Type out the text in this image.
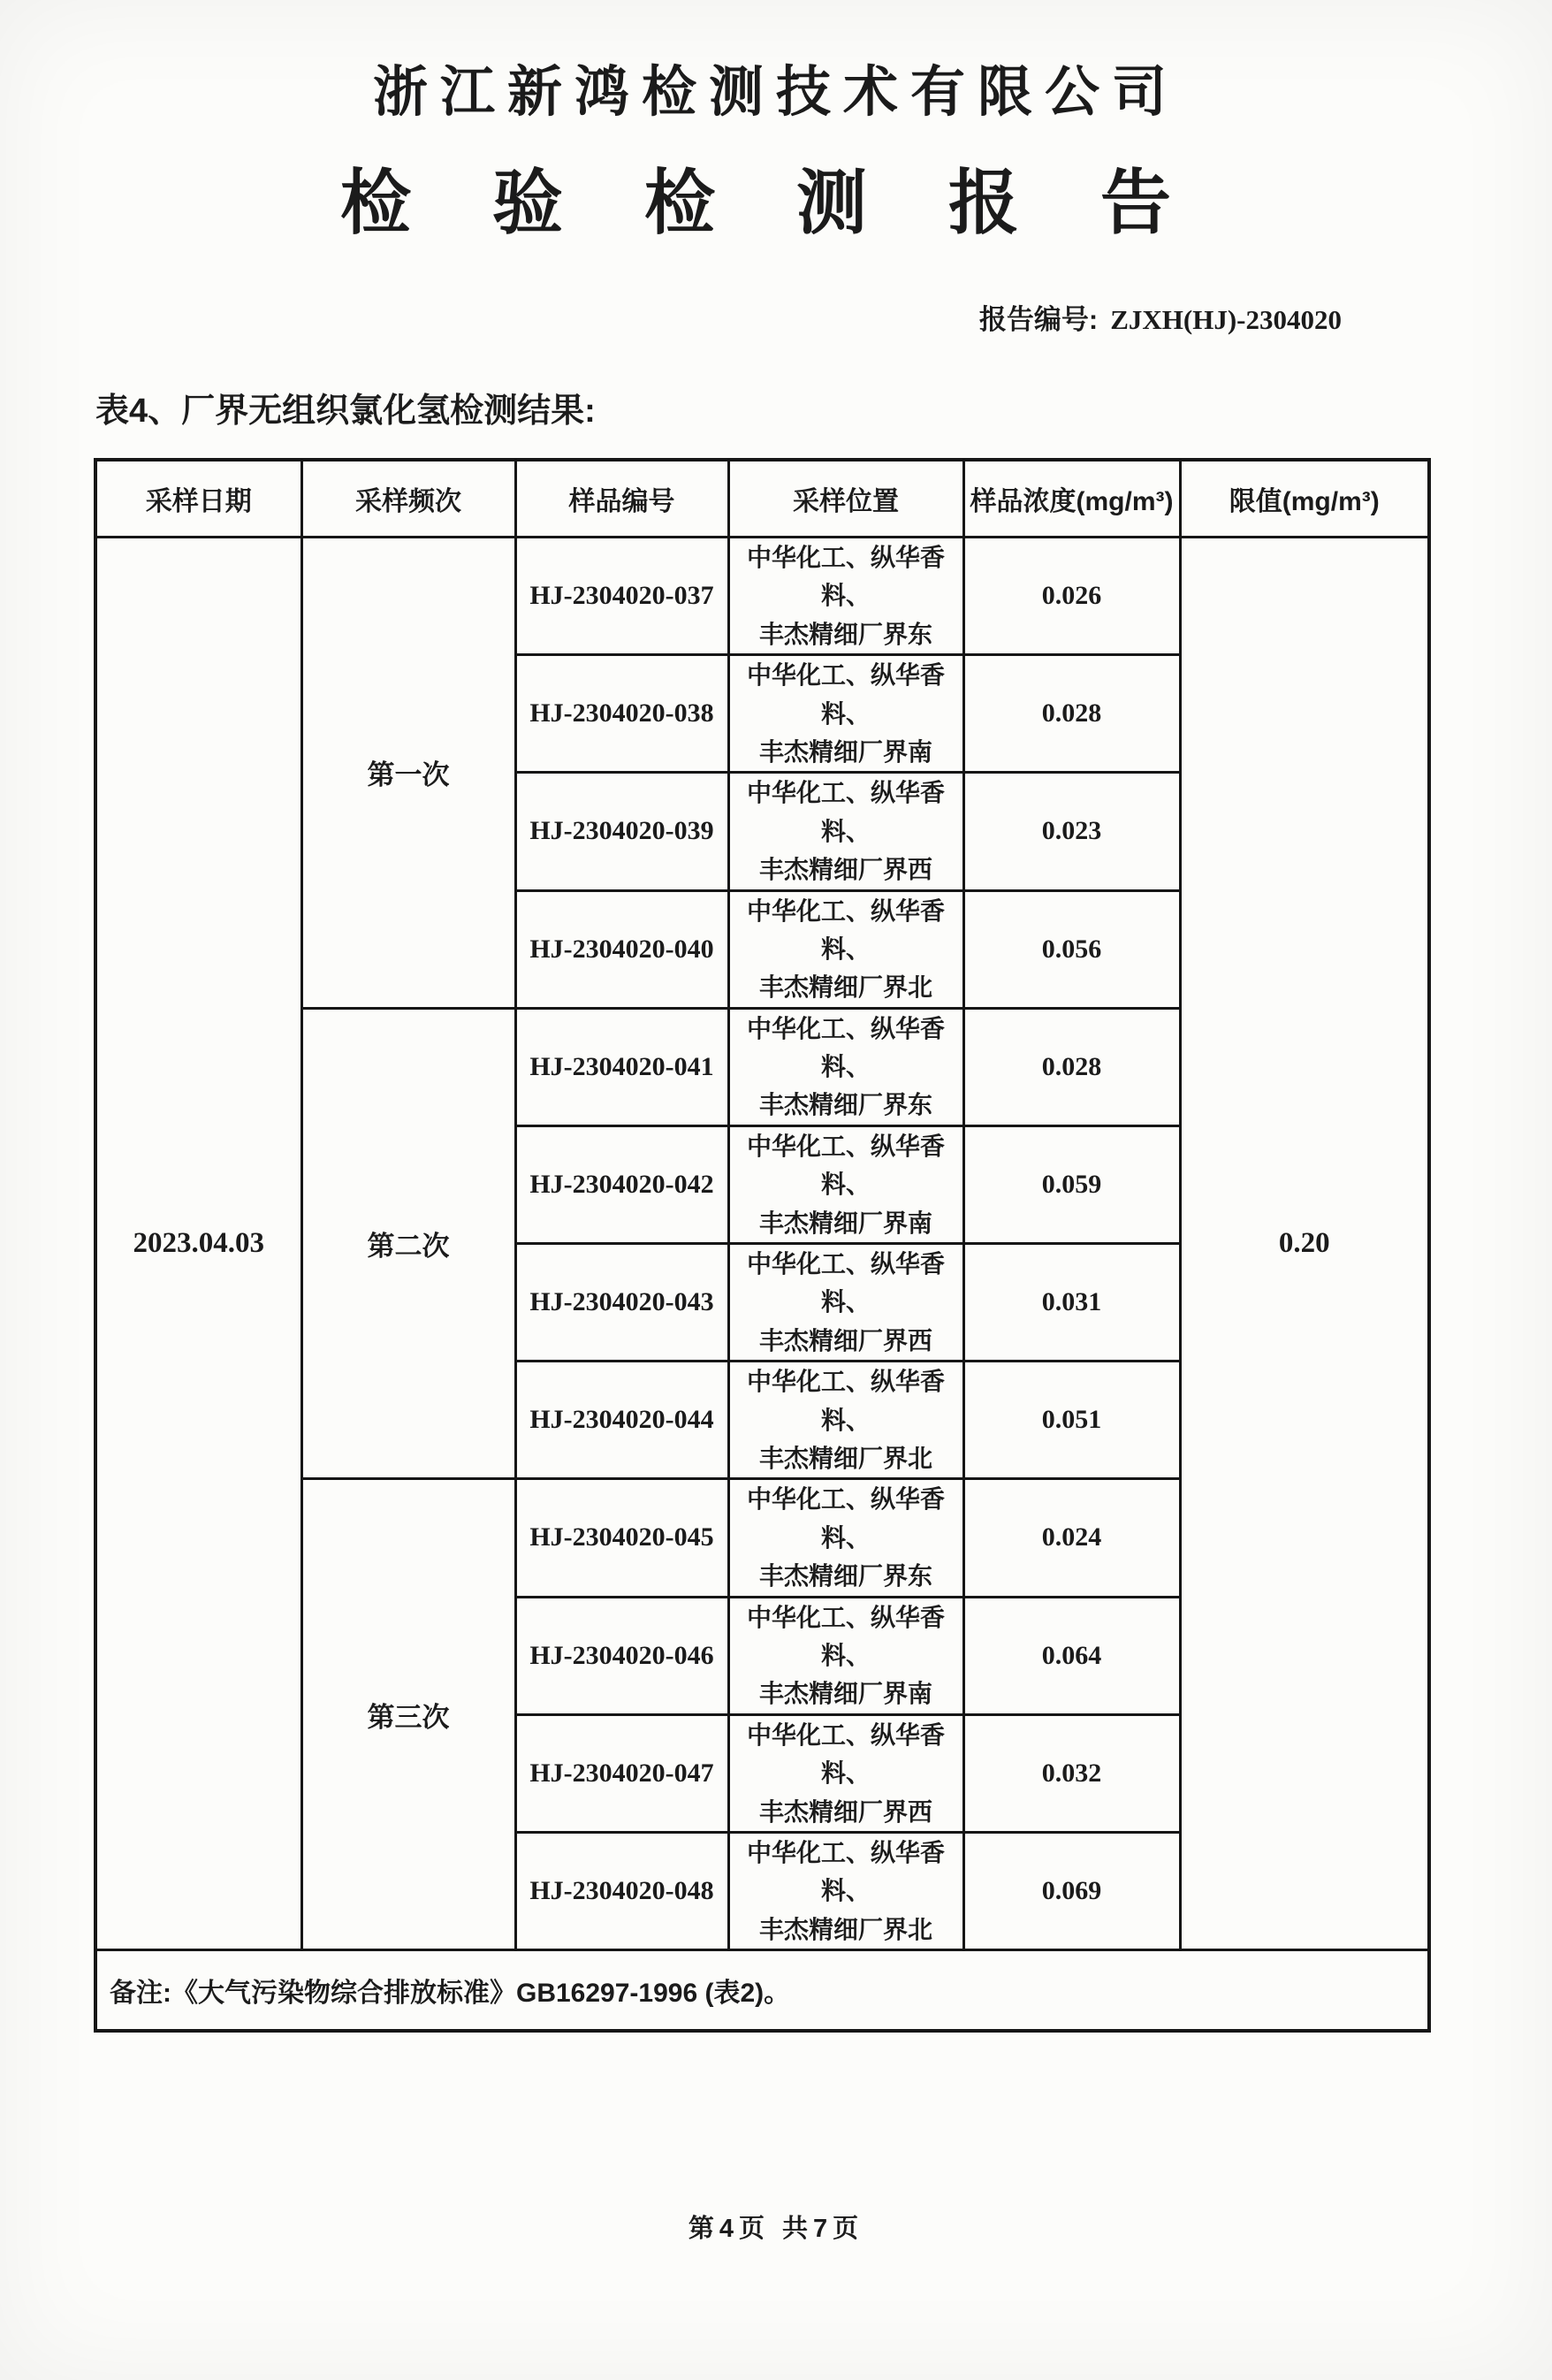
浙江新鸿检测技术有限公司
检验检测报告
报告编号: ZJXH(HJ)-2304020
表4、厂界无组织氯化氢检测结果:
采样日期	采样频次	样品编号	采样位置	样品浓度(mg/m³)	限值(mg/m³)
2023.04.03	第一次	HJ-2304020-037	中华化工、纵华香料、
丰杰精细厂界东	0.026	0.20
		HJ-2304020-038	中华化工、纵华香料、
丰杰精细厂界南	0.028	
		HJ-2304020-039	中华化工、纵华香料、
丰杰精细厂界西	0.023	
		HJ-2304020-040	中华化工、纵华香料、
丰杰精细厂界北	0.056	
	第二次	HJ-2304020-041	中华化工、纵华香料、
丰杰精细厂界东	0.028	
		HJ-2304020-042	中华化工、纵华香料、
丰杰精细厂界南	0.059	
		HJ-2304020-043	中华化工、纵华香料、
丰杰精细厂界西	0.031	
		HJ-2304020-044	中华化工、纵华香料、
丰杰精细厂界北	0.051	
	第三次	HJ-2304020-045	中华化工、纵华香料、
丰杰精细厂界东	0.024	
		HJ-2304020-046	中华化工、纵华香料、
丰杰精细厂界南	0.064	
		HJ-2304020-047	中华化工、纵华香料、
丰杰精细厂界西	0.032	
		HJ-2304020-048	中华化工、纵华香料、
丰杰精细厂界北	0.069	
备注:《大气污染物综合排放标准》GB16297-1996 (表2)。					
第4页 共7页
